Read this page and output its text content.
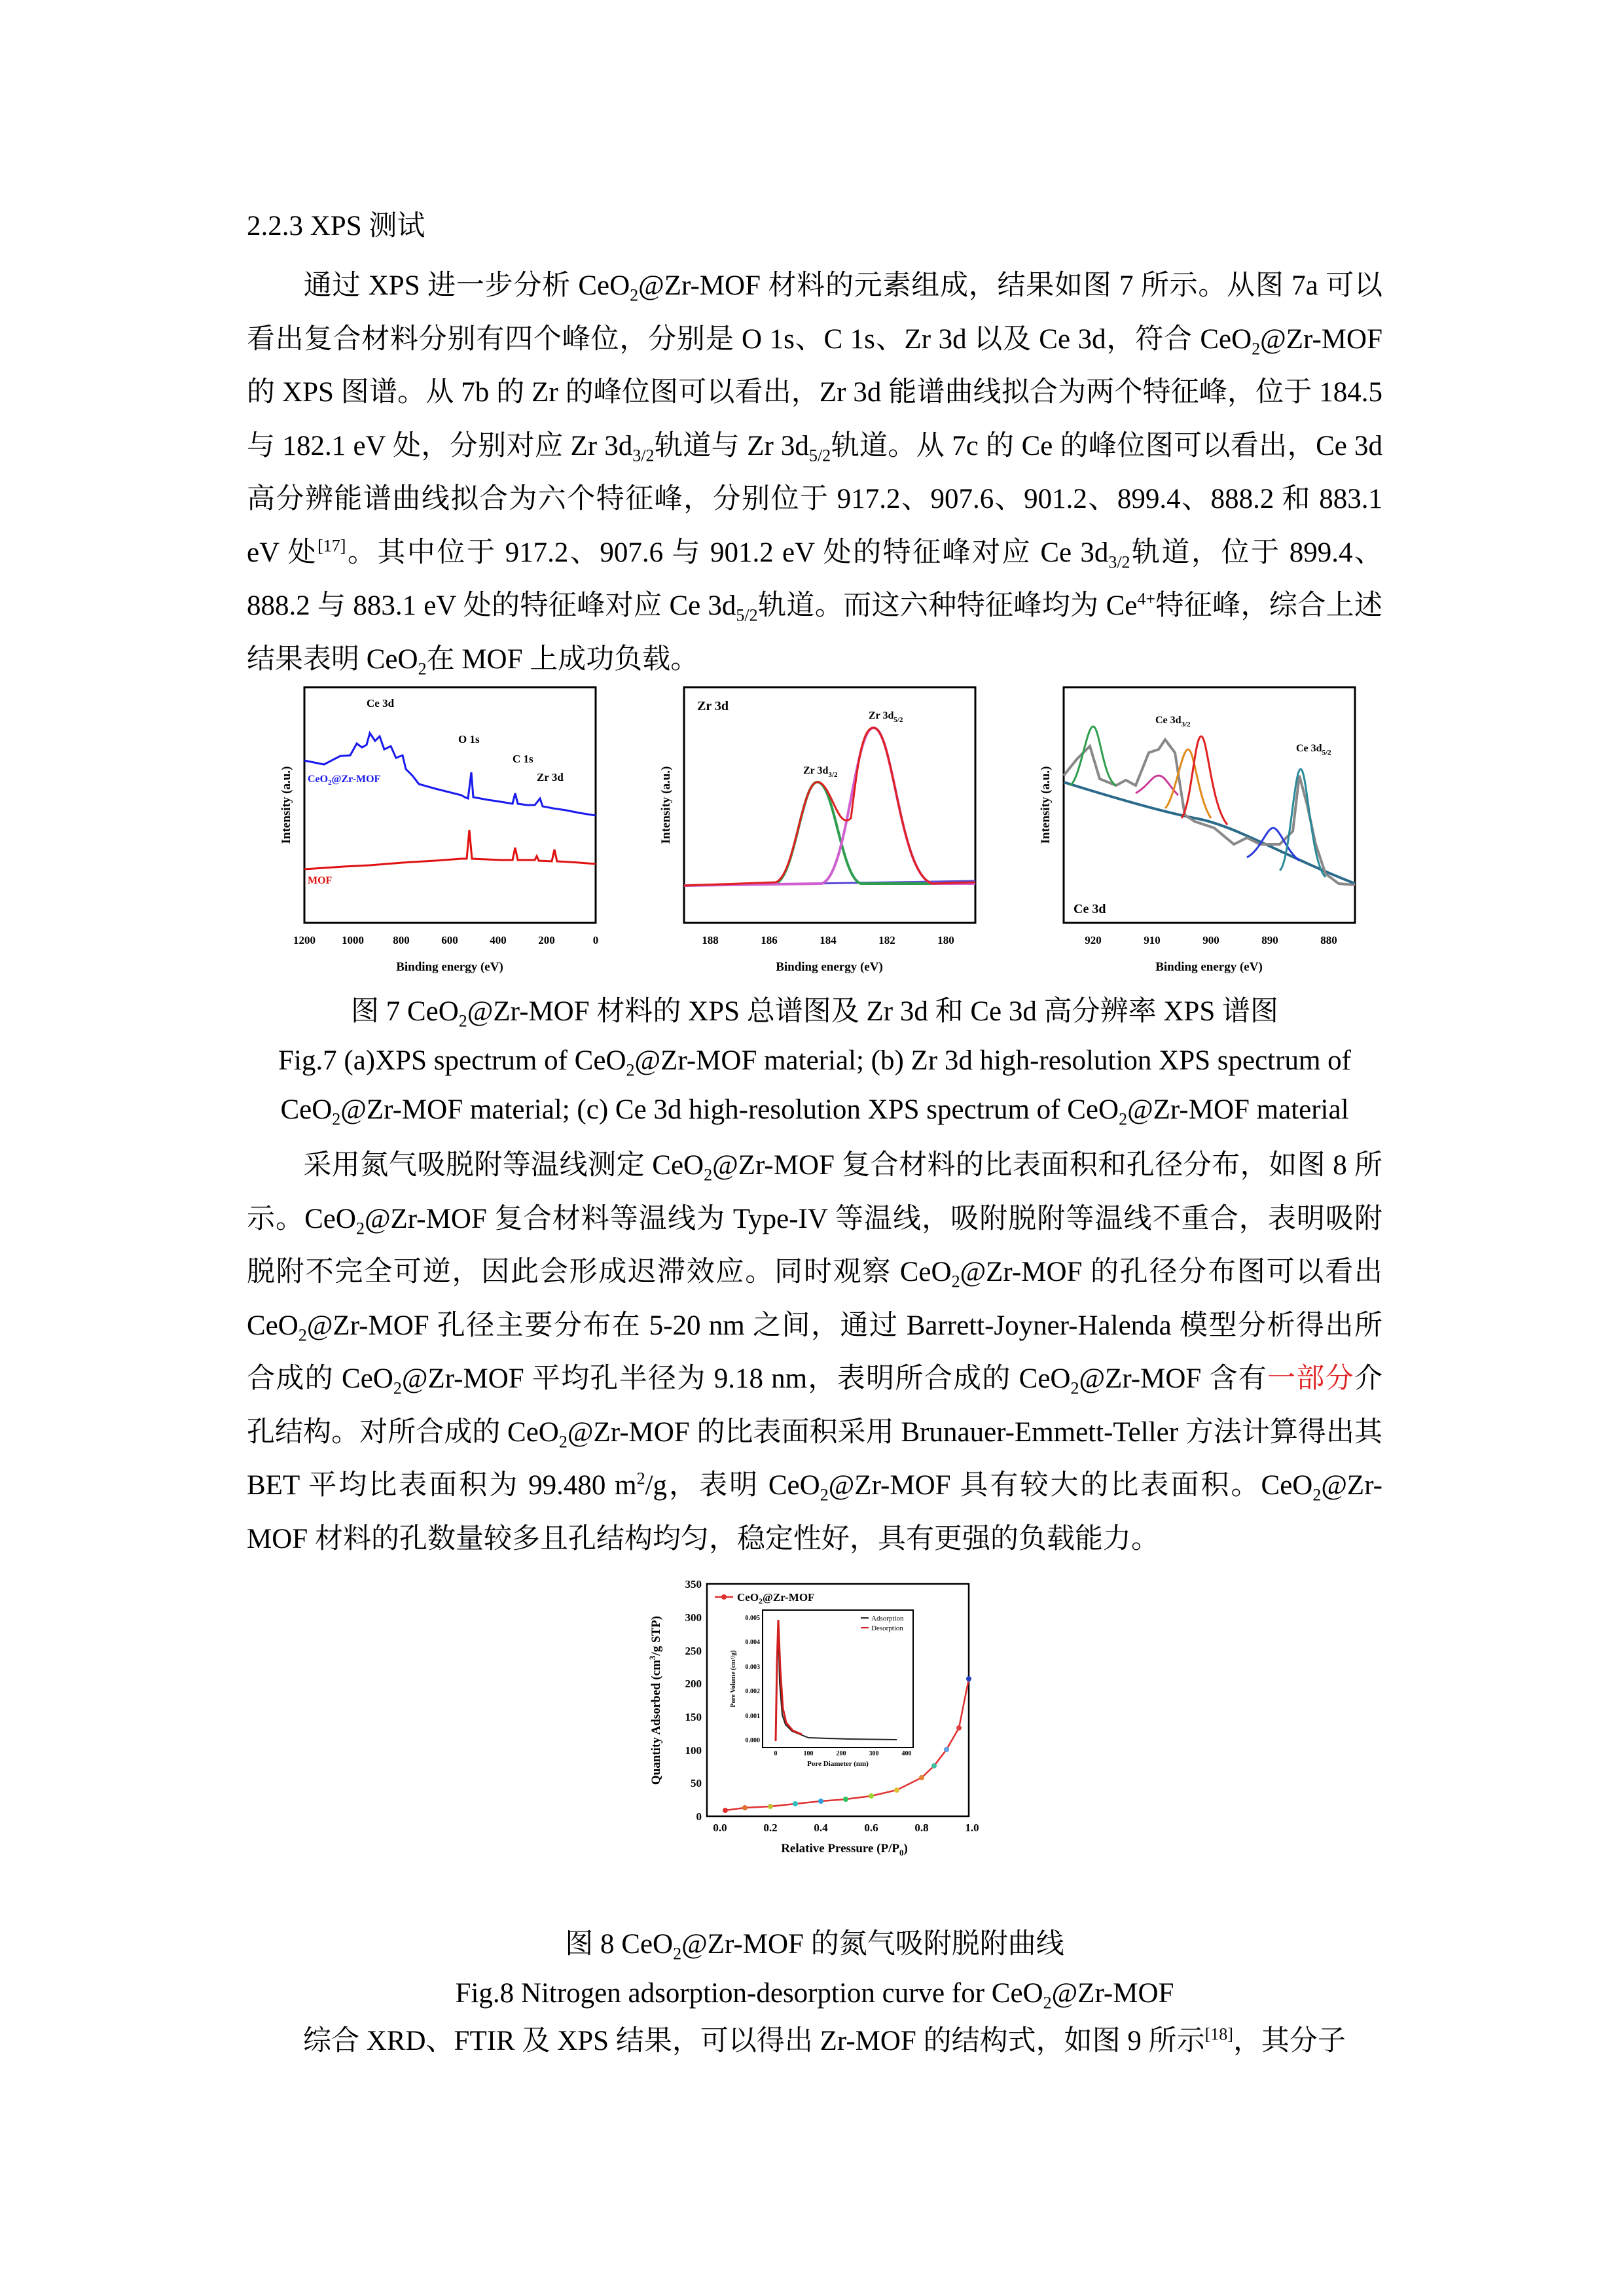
2.2.3 XPS 测试
通过 XPS 进一步分析 CeO$_2$@Zr-MOF 材料的元素组成，结果如图 7 所示。从图 7a 可以看出复合材料分别有四个峰位，分别是 O 1s、C 1s、Zr 3d 以及 Ce 3d，符合 CeO$_2$@Zr-MOF 的 XPS 图谱。从 7b 的 Zr 的峰位图可以看出，Zr 3d 能谱曲线拟合为两个特征峰，位于 184.5 与 182.1 eV 处，分别对应 Zr $3d_{3/2}$轨道与 Zr $3d_{5/2}$轨道。从 7c 的 Ce 的峰位图可以看出，Ce 3d 高分辨能谱曲线拟合为六个特征峰，分别位于 917.2、907.6、901.2、899.4、888.2 和 883.1 eV 处[17]。其中位于 917.2、907.6 与 901.2 eV 处的特征峰对应 Ce $3d_{3/2}$轨道，位于 899.4、888.2 与 883.1 eV 处的特征峰对应 Ce $3d_{5/2}$轨道。而这六种特征峰均为 $Ce^{4+}$特征峰，综合上述结果表明 CeO$_2$在 MOF 上成功负载。
Ce 3d
O 1s
C 1s
Zr 3d
CeO$_2$@Zr-MOF
MOF
1200 1000	800	600	400	200	0
Binding energy (eV)
Intensity (a.u.)
Zr 3d
Zr $3d_{3/2}$
Zr $3d_{5/2}$
188	186	184	182	180
Binding energy (eV)
Intensity (a.u.)
Ce $3d_{3/2}$
Ce $3d_{5/2}$
Ce 3d
920	910	900	890	880
Binding energy (eV)
Intensity (a.u.)
图 7 CeO$_2$@Zr-MOF 材料的 XPS 总谱图及 Zr 3d 和 Ce 3d 高分辨率 XPS 谱图
Fig.7 (a)XPS spectrum of CeO$_2$@Zr-MOF material; (b) Zr 3d high-resolution XPS spectrum of
CeO$_2$@Zr-MOF material; (c) Ce 3d high-resolution XPS spectrum of CeO$_2$@Zr-MOF material
采用氮气吸脱附等温线测定 CeO$_2$@Zr-MOF 复合材料的比表面积和孔径分布，如图 8 所示。CeO$_2$@Zr-MOF 复合材料等温线为 Type-IV 等温线，吸附脱附等温线不重合，表明吸附脱附不完全可逆，因此会形成迟滞效应。同时观察 CeO$_2$@Zr-MOF 的孔径分布图可以看出 CeO$_2$@Zr-MOF 孔径主要分布在 5-20 nm 之间，通过 Barrett-Joyner-Halenda 模型分析得出所合成的 CeO$_2$@Zr-MOF 平均孔半径为 9.18 nm，表明所合成的 CeO$_2$@Zr-MOF 含有一部分介孔结构。对所合成的 CeO$_2$@Zr-MOF 的比表面积采用 Brunauer-Emmett-Teller 方法计算得出其 BET 平均比表面积为 99.480 $m^2/g$，表明 CeO$_2$@Zr-MOF 具有较大的比表面积。CeO$_2$@Zr-MOF 材料的孔数量较多且孔结构均匀，稳定性好，具有更强的负载能力。
350
300
250
200
150
100
50
0
0.0	0.2	0.4	0.6	0.8	1.0
CeO$_2$@Zr-MOF
Adsorption
Desorption
0.005
0.004
0.003
0.002
0.001
0.000
0	100	200	300	400
Pore Diameter (nm)
Pore Volume (cm³/g)
Relative Pressure $(P/P_0)$
Quantity Adsorbed ($cm^3/g$ STP)
图 8 CeO$_2$@Zr-MOF 的氮气吸附脱附曲线
Fig.8 Nitrogen adsorption-desorption curve for CeO$_2$@Zr-MOF
综合 XRD、FTIR 及 XPS 结果，可以得出 Zr-MOF 的结构式，如图 9 所示[18]，其分子
